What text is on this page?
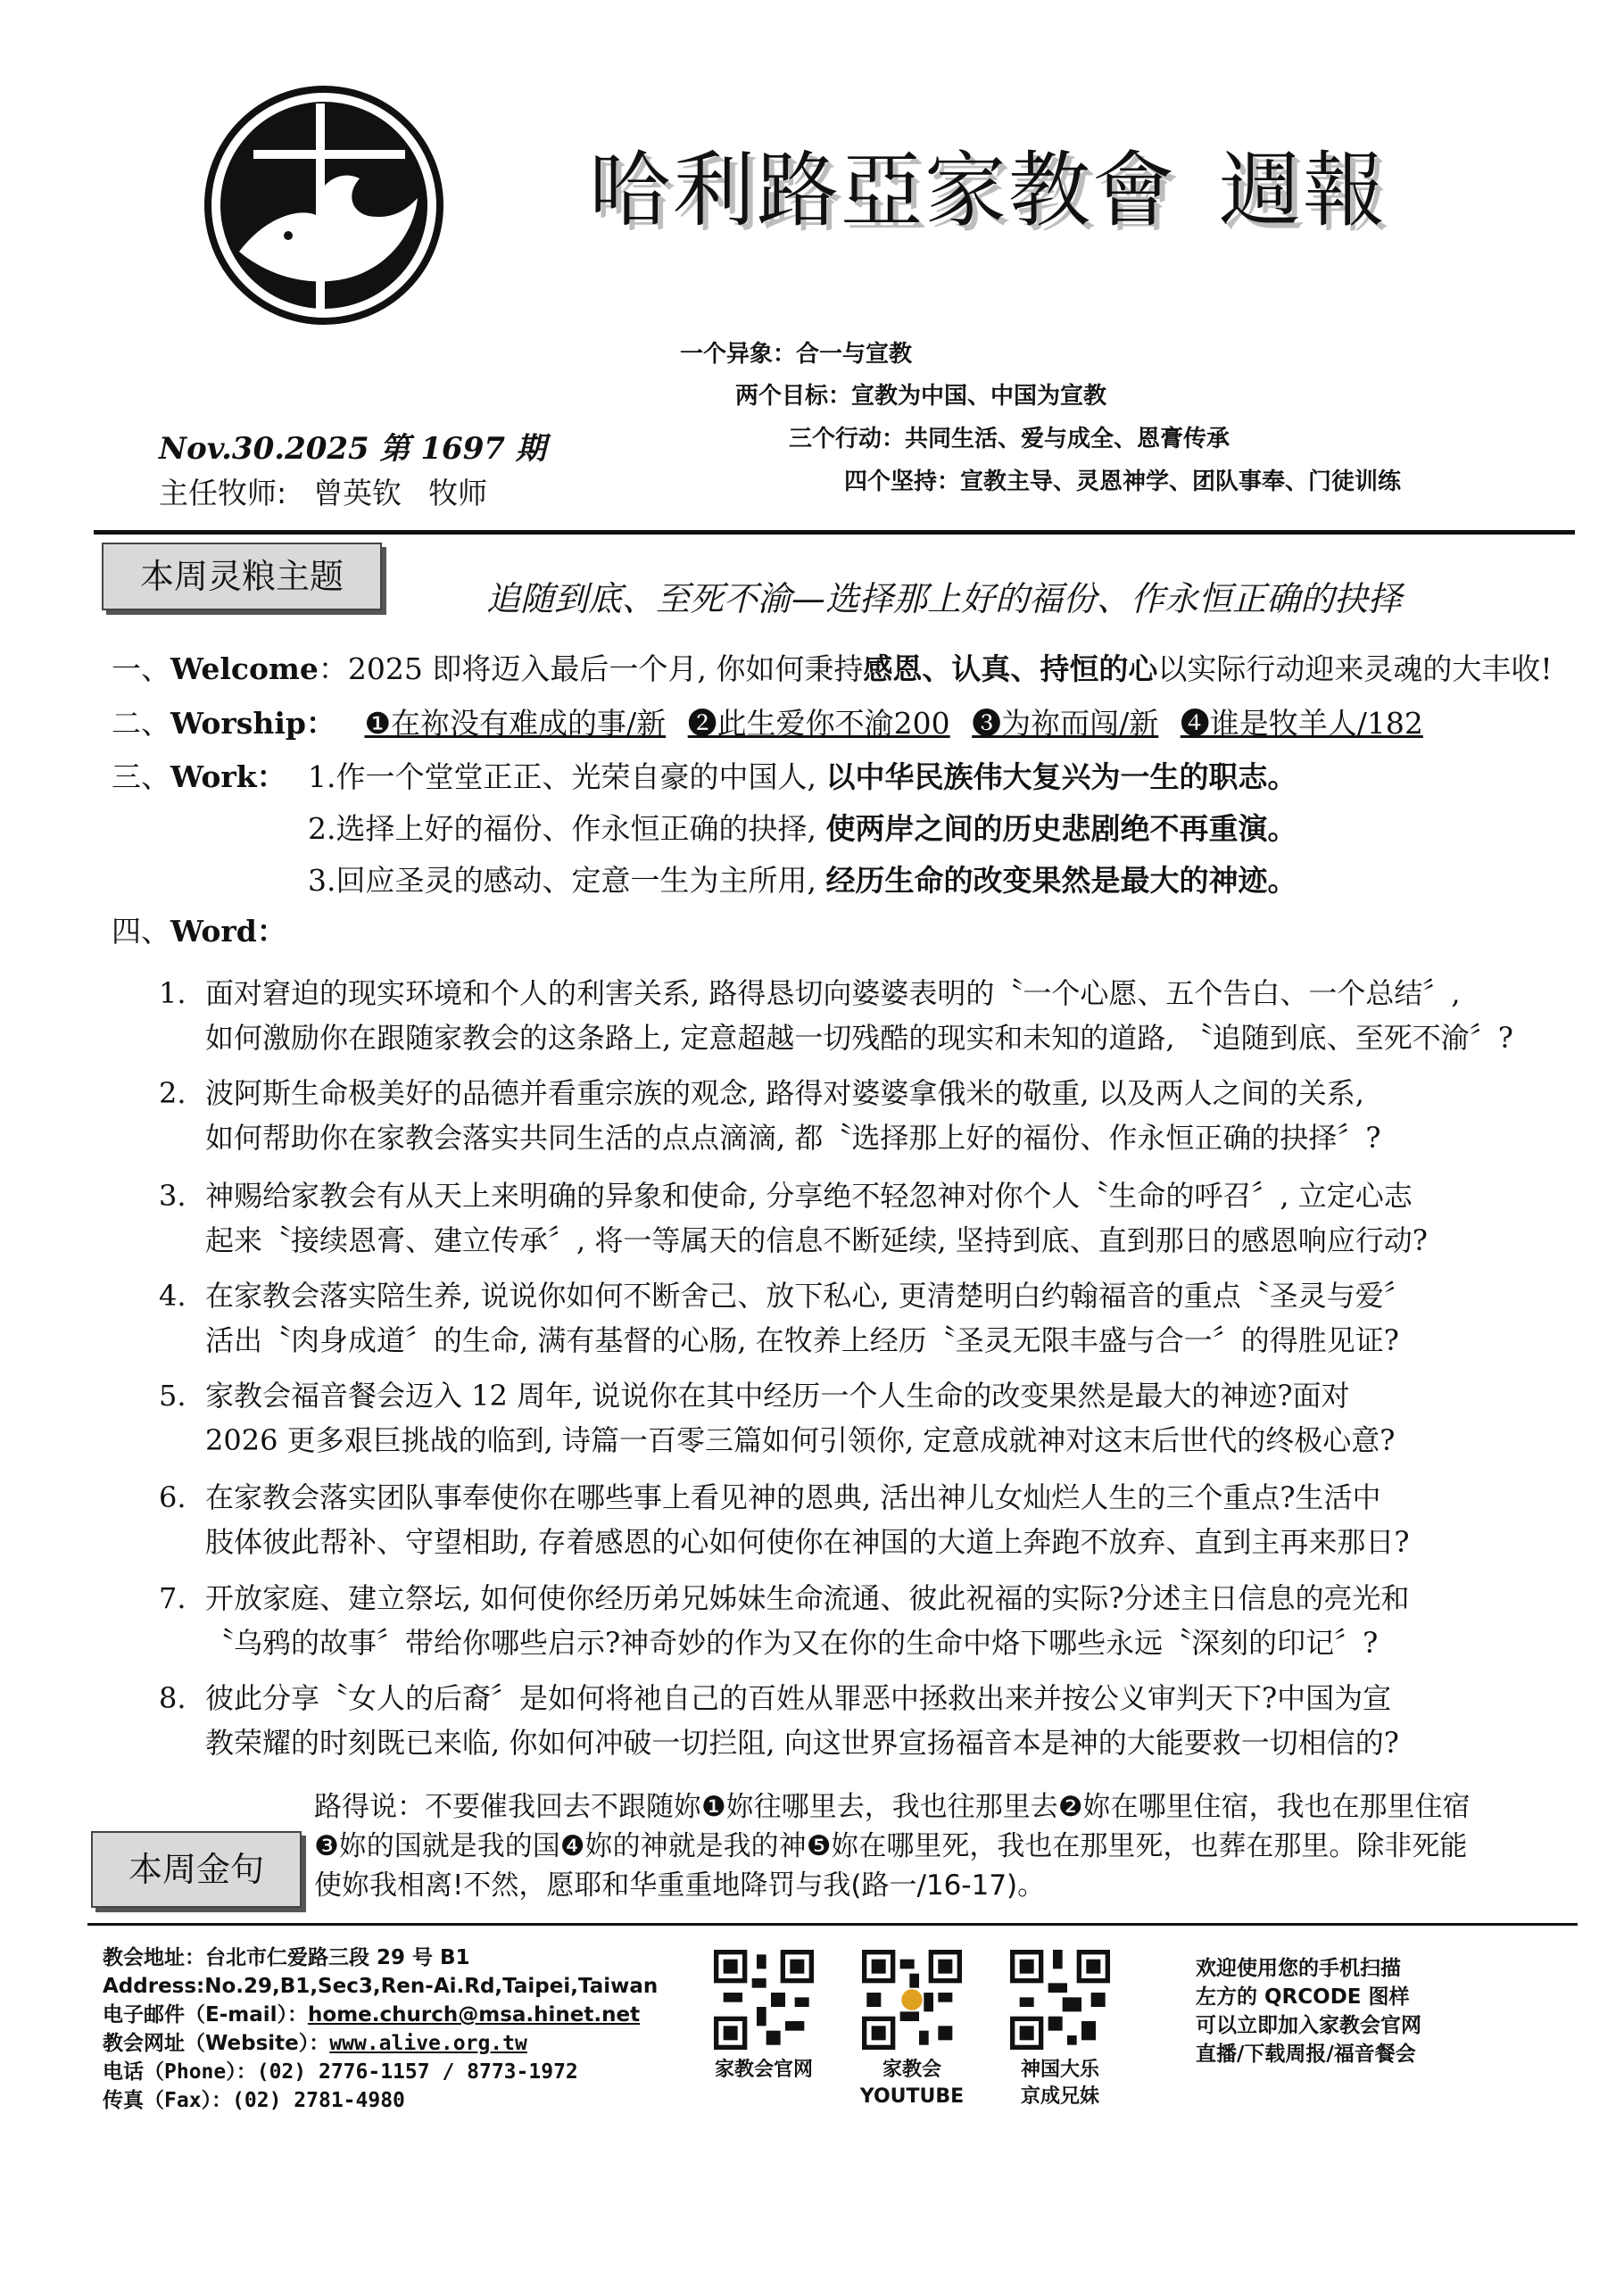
哈利路亞家教會 週報
一个异象：合一与宣教
两个目标：宣教为中国、中国为宣教
三个行动：共同生活、爱与成全、恩膏传承
四个坚持：宣教主导、灵恩神学、团队事奉、门徒训练
Nov.30.2025 第 1697 期
主任牧师: 曾英钦 牧师
本周灵粮主题
追随到底、至死不渝—选择那上好的福份、作永恒正确的抉择
一、Welcome：2025 即将迈入最后一个月, 你如何秉持感恩、认真、持恒的心以实际行动迎来灵魂的大丰收!
二、Worship： ❶在祢没有难成的事/新 ❷此生爱你不渝200 ❸为祢而闯/新 ❹谁是牧羊人/182
三、Work： 1.作一个堂堂正正、光荣自豪的中国人, 以中华民族伟大复兴为一生的职志。
2.选择上好的福份、作永恒正确的抉择, 使两岸之间的历史悲剧绝不再重演。
3.回应圣灵的感动、定意一生为主所用, 经历生命的改变果然是最大的神迹。
四、Word：
1. 面对窘迫的现实环境和个人的利害关系, 路得恳切向婆婆表明的〝一个心愿、五个告白、一个总结〞,
如何激励你在跟随家教会的这条路上, 定意超越一切残酷的现实和未知的道路, 〝追随到底、至死不渝〞?
2. 波阿斯生命极美好的品德并看重宗族的观念, 路得对婆婆拿俄米的敬重, 以及两人之间的关系,
如何帮助你在家教会落实共同生活的点点滴滴, 都〝选择那上好的福份、作永恒正确的抉择〞?
3. 神赐给家教会有从天上来明确的异象和使命, 分享绝不轻忽神对你个人〝生命的呼召〞, 立定心志
起来〝接续恩膏、建立传承〞, 将一等属天的信息不断延续, 坚持到底、直到那日的感恩响应行动?
4. 在家教会落实陪生养, 说说你如何不断舍己、放下私心, 更清楚明白约翰福音的重点〝圣灵与爱〞
活出〝肉身成道〞的生命, 满有基督的心肠, 在牧养上经历〝圣灵无限丰盛与合一〞的得胜见证?
5. 家教会福音餐会迈入 12 周年, 说说你在其中经历一个人生命的改变果然是最大的神迹?面对
2026 更多艰巨挑战的临到, 诗篇一百零三篇如何引领你, 定意成就神对这末后世代的终极心意?
6. 在家教会落实团队事奉使你在哪些事上看见神的恩典, 活出神儿女灿烂人生的三个重点?生活中
肢体彼此帮补、守望相助, 存着感恩的心如何使你在神国的大道上奔跑不放弃、直到主再来那日?
7. 开放家庭、建立祭坛, 如何使你经历弟兄姊妹生命流通、彼此祝福的实际?分述主日信息的亮光和
〝乌鸦的故事〞带给你哪些启示?神奇妙的作为又在你的生命中烙下哪些永远〝深刻的印记〞?
8. 彼此分享〝女人的后裔〞是如何将祂自己的百姓从罪恶中拯救出来并按公义审判天下?中国为宣
教荣耀的时刻既已来临, 你如何冲破一切拦阻, 向这世界宣扬福音本是神的大能要救一切相信的?
本周金句
路得说：不要催我回去不跟随妳❶妳往哪里去，我也往那里去❷妳在哪里住宿，我也在那里住宿
❸妳的国就是我的国❹妳的神就是我的神❺妳在哪里死，我也在那里死，也葬在那里。除非死能
使妳我相离!不然，愿耶和华重重地降罚与我(路一/16-17)。
教会地址：台北市仁爱路三段 29 号 B1
Address:No.29,B1,Sec3,Ren-Ai.Rd,Taipei,Taiwan
电子邮件（E-mail）：home.church@msa.hinet.net
教会网址（Website）：www.alive.org.tw
电话（Phone）：(02) 2776-1157 / 8773-1972
传真（Fax）：(02) 2781-4980
家教会官网	家教会
YOUTUBE
神国大乐
京成兄妹
欢迎使用您的手机扫描
左方的 QRCODE 图样
可以立即加入家教会官网
直播/下载周报/福音餐会
